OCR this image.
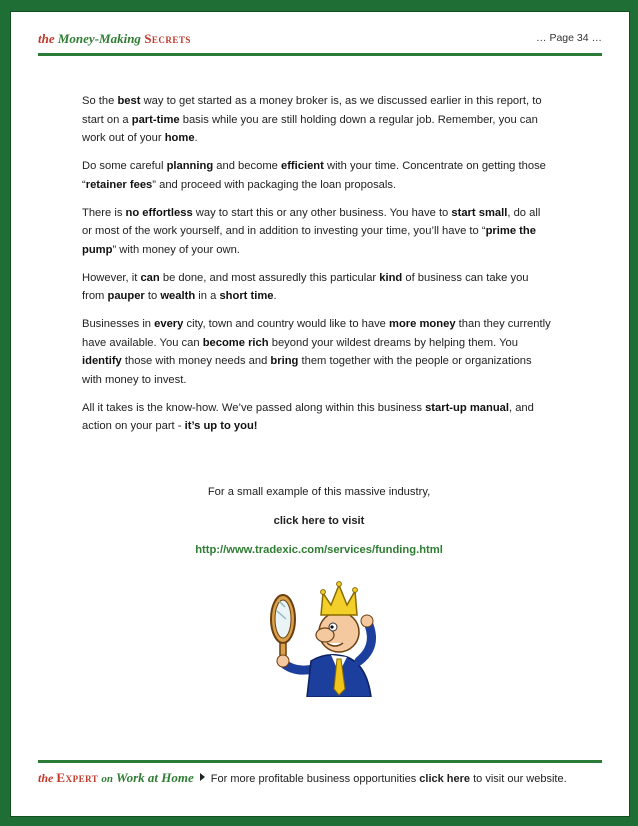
the Money-Making Secrets	… Page 34 …

So the best way to get started as a money broker is, as we discussed earlier in this report, to start on a part-time basis while you are still holding down a regular job. Remember, you can work out of your home.

Do some careful planning and become efficient with your time. Concentrate on getting those “retainer fees” and proceed with packaging the loan proposals.

There is no effortless way to start this or any other business. You have to start small, do all or most of the work yourself, and in addition to investing your time, you’ll have to “prime the pump” with money of your own.

However, it can be done, and most assuredly this particular kind of business can take you from pauper to wealth in a short time.

Businesses in every city, town and country would like to have more money than they currently have available. You can become rich beyond your wildest dreams by helping them. You identify those with money needs and bring them together with the people or organizations with money to invest.

All it takes is the know-how. We’ve passed along within this business start-up manual, and action on your part - it’s up to you!

For a small example of this massive industry,
click here to visit
http://www.tradexic.com/services/funding.html
the Expert on Work at Home For more profitable business opportunities click here to visit our website.
